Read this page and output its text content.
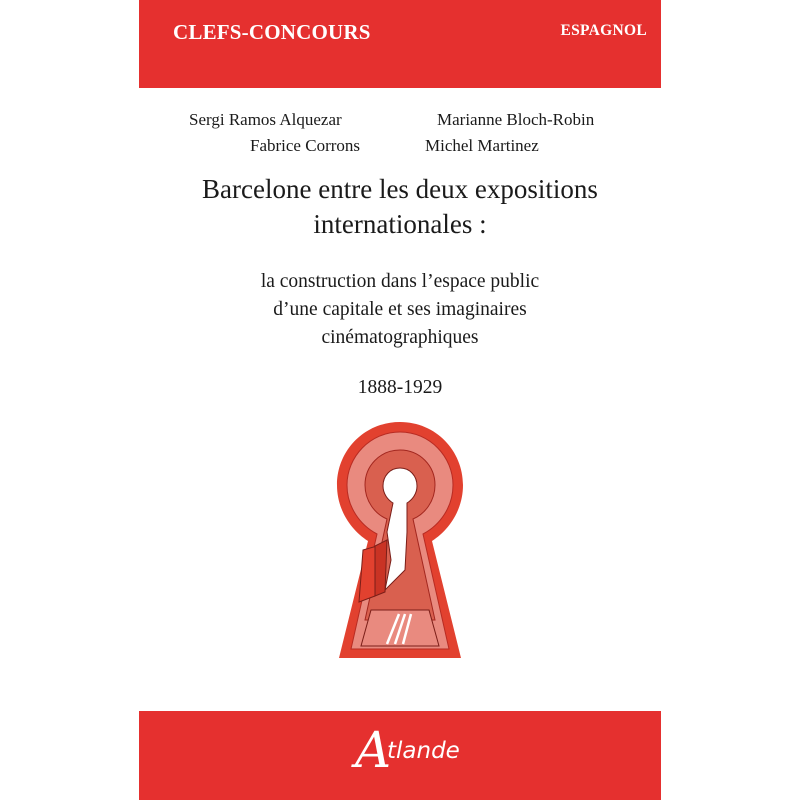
CLEFS-CONCOURS	ESPAGNOL
Sergi Ramos Alquezar	Marianne Bloch-Robin
Fabrice Corrons	Michel Martinez
Barcelone entre les deux expositions
internationales :
la construction dans l’espace public
d’une capitale et ses imaginaires
cinématographiques
1888-1929
A
tlande
